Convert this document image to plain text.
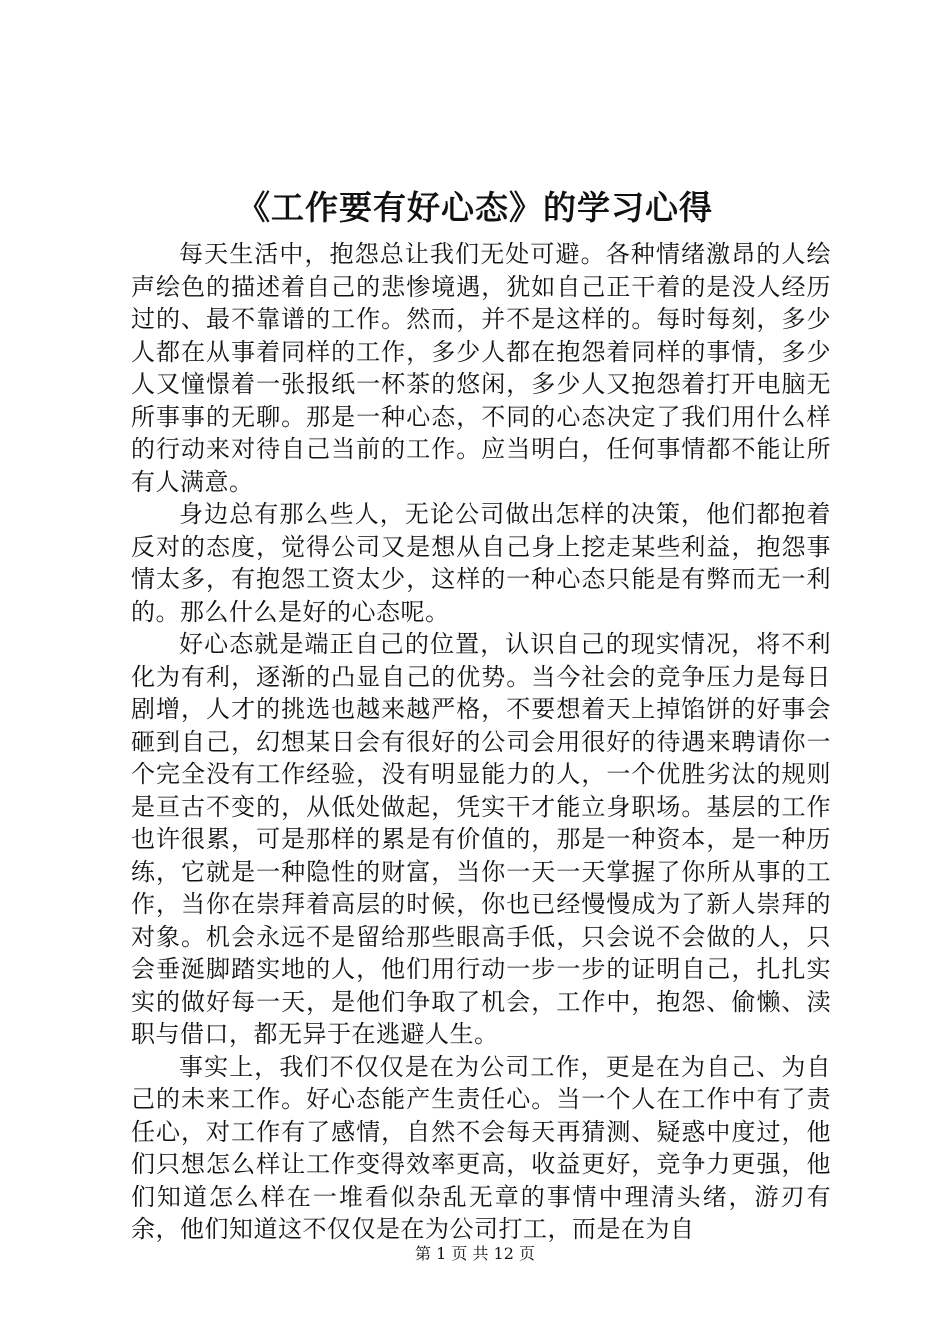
《工作要有好心态》的学习心得

每天生活中，抱怨总让我们无处可避。各种情绪激昂的人绘声绘色的描述着自己的悲惨境遇，犹如自己正干着的是没人经历过的、最不靠谱的工作。然而，并不是这样的。每时每刻，多少人都在从事着同样的工作，多少人都在抱怨着同样的事情，多少人又憧憬着一张报纸一杯茶的悠闲，多少人又抱怨着打开电脑无所事事的无聊。那是一种心态，不同的心态决定了我们用什么样的行动来对待自己当前的工作。应当明白，任何事情都不能让所有人满意。

身边总有那么些人，无论公司做出怎样的决策，他们都抱着反对的态度，觉得公司又是想从自己身上挖走某些利益，抱怨事情太多，有抱怨工资太少，这样的一种心态只能是有弊而无一利的。那么什么是好的心态呢。

好心态就是端正自己的位置，认识自己的现实情况，将不利化为有利，逐渐的凸显自己的优势。当今社会的竞争压力是每日剧增，人才的挑选也越来越严格，不要想着天上掉馅饼的好事会砸到自己，幻想某日会有很好的公司会用很好的待遇来聘请你一个完全没有工作经验，没有明显能力的人，一个优胜劣汰的规则是亘古不变的，从低处做起，凭实干才能立身职场。基层的工作也许很累，可是那样的累是有价值的，那是一种资本，是一种历练，它就是一种隐性的财富，当你一天一天掌握了你所从事的工作，当你在崇拜着高层的时候，你也已经慢慢成为了新人崇拜的对象。机会永远不是留给那些眼高手低，只会说不会做的人，只会垂涎脚踏实地的人，他们用行动一步一步的证明自己，扎扎实实的做好每一天，是他们争取了机会，工作中，抱怨、偷懒、渎职与借口，都无异于在逃避人生。

事实上，我们不仅仅是在为公司工作，更是在为自己、为自己的未来工作。好心态能产生责任心。当一个人在工作中有了责任心，对工作有了感情，自然不会每天再猜测、疑惑中度过，他们只想怎么样让工作变得效率更高，收益更好，竞争力更强，他们知道怎么样在一堆看似杂乱无章的事情中理清头绪，游刃有余，他们知道这不仅仅是在为公司打工，而是在为自

第 1 页 共 12 页
